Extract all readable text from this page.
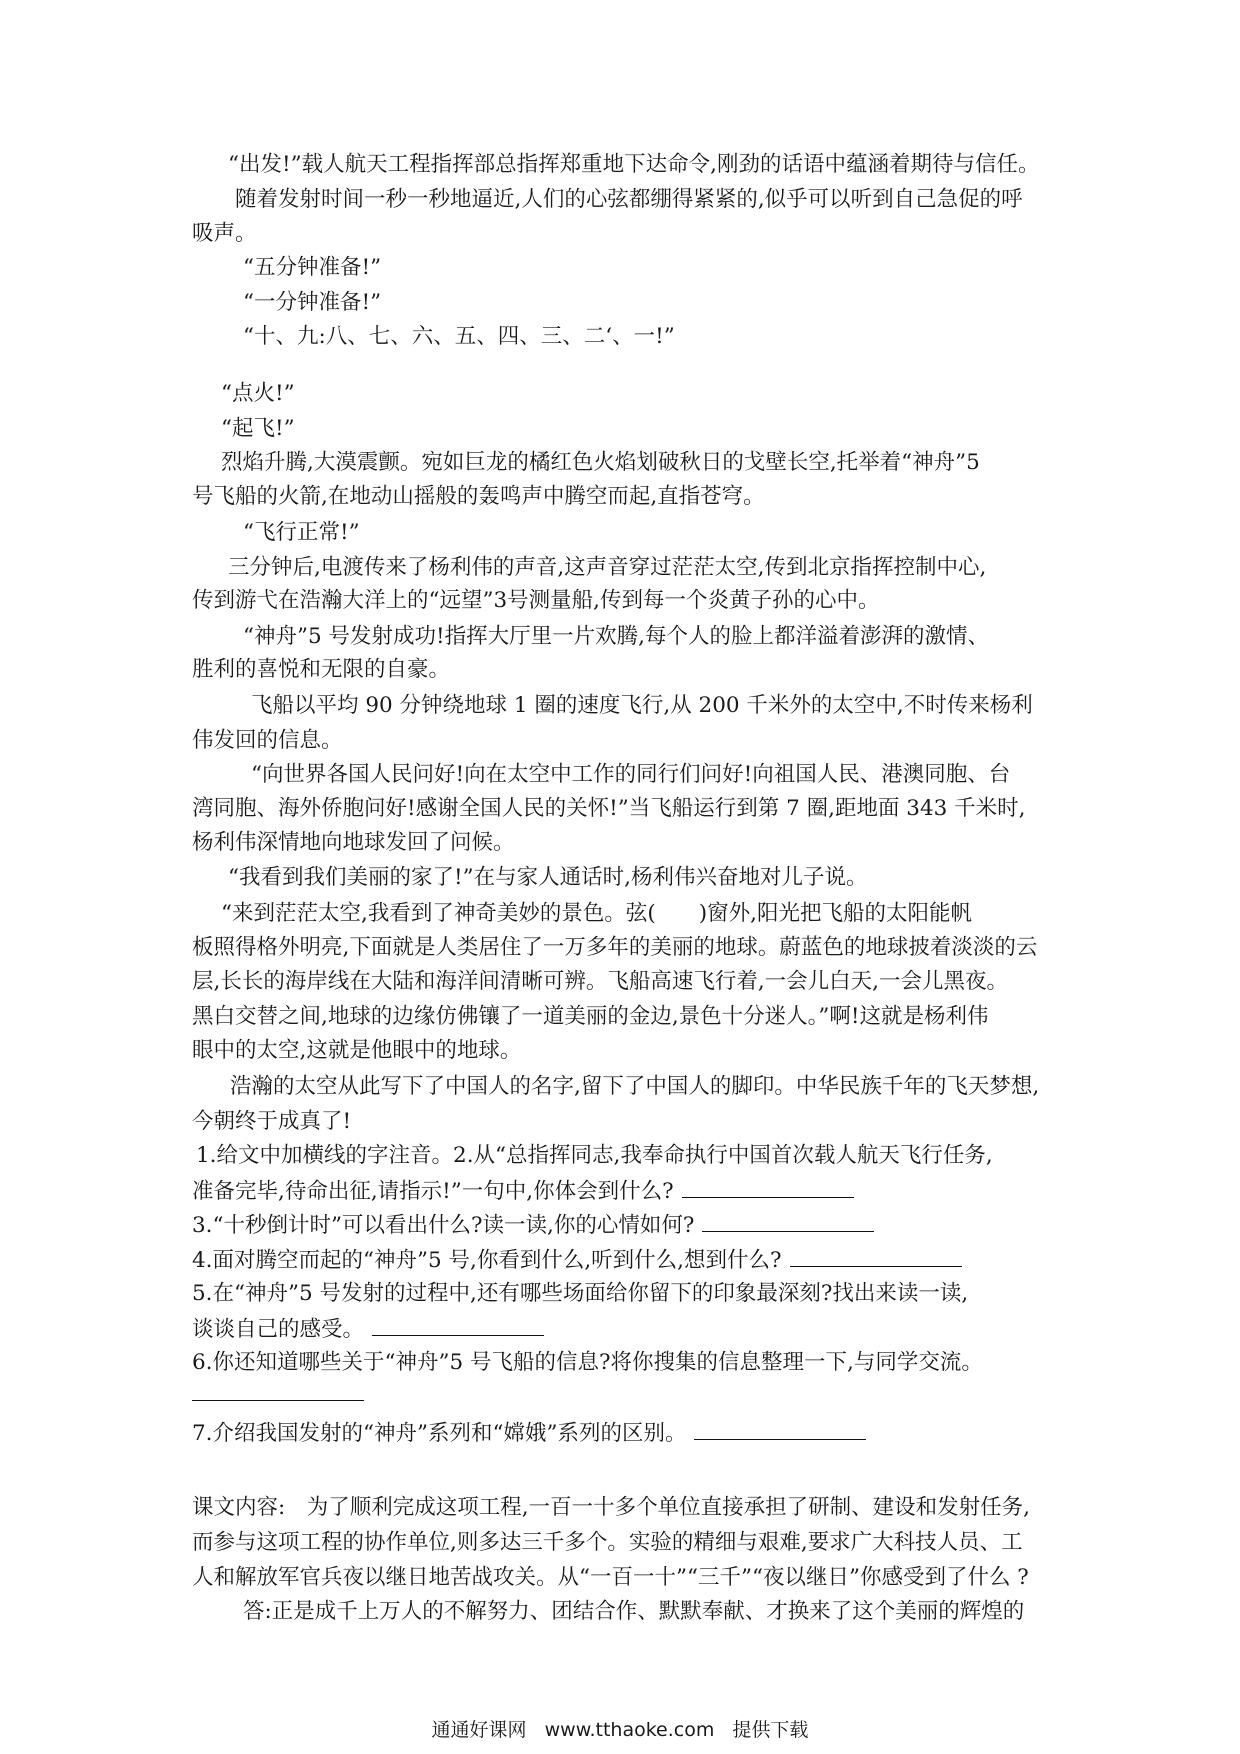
“出发!”载人航天工程指挥部总指挥郑重地下达命令,刚劲的话语中蕴涵着期待与信任。
随着发射时间一秒一秒地逼近,人们的心弦都绷得紧紧的,似乎可以听到自己急促的呼
吸声。
“五分钟准备!”
“一分钟准备!”
“十、九:八、七、六、五、四、三、二‘、一!”
“点火!”
“起飞!”
烈焰升腾,大漠震颤。宛如巨龙的橘红色火焰划破秋日的戈壁长空,托举着“神舟”5
号飞船的火箭,在地动山摇般的轰鸣声中腾空而起,直指苍穹。
“飞行正常!”
三分钟后,电渡传来了杨利伟的声音,这声音穿过茫茫太空,传到北京指挥控制中心,
传到游弋在浩瀚大洋上的“远望”3号测量船,传到每一个炎黄子孙的心中。
“神舟”5 号发射成功!指挥大厅里一片欢腾,每个人的脸上都洋溢着澎湃的激情、
胜利的喜悦和无限的自豪。
飞船以平均 90 分钟绕地球 1 圈的速度飞行,从 200 千米外的太空中,不时传来杨利
伟发回的信息。
“向世界各国人民问好!向在太空中工作的同行们问好!向祖国人民、港澳同胞、台
湾同胞、海外侨胞问好!感谢全国人民的关怀!”当飞船运行到第 7 圈,距地面 343 千米时,
杨利伟深情地向地球发回了问候。
“我看到我们美丽的家了!”在与家人通话时,杨利伟兴奋地对儿子说。
“来到茫茫太空,我看到了神奇美妙的景色。弦(　　)窗外,阳光把飞船的太阳能帆
板照得格外明亮,下面就是人类居住了一万多年的美丽的地球。蔚蓝色的地球披着淡淡的云
层,长长的海岸线在大陆和海洋间清晰可辨。飞船高速飞行着,一会儿白天,一会儿黑夜。
黑白交替之间,地球的边缘仿佛镶了一道美丽的金边,景色十分迷人。”啊!这就是杨利伟
眼中的太空,这就是他眼中的地球。
浩瀚的太空从此写下了中国人的名字,留下了中国人的脚印。中华民族千年的飞天梦想,
今朝终于成真了!
1.给文中加横线的字注音。2.从“总指挥同志,我奉命执行中国首次载人航天飞行任务,
准备完毕,待命出征,请指示!”一句中,你体会到什么?
3.“十秒倒计时”可以看出什么?读一读,你的心情如何?
4.面对腾空而起的“神舟”5 号,你看到什么,听到什么,想到什么?
5.在“神舟”5 号发射的过程中,还有哪些场面给你留下的印象最深刻?找出来读一读,
谈谈自己的感受。
6.你还知道哪些关于“神舟”5 号飞船的信息?将你搜集的信息整理一下,与同学交流。
7.介绍我国发射的“神舟”系列和“嫦娥”系列的区别。
课文内容:　为了顺利完成这项工程,一百一十多个单位直接承担了研制、建设和发射任务,
而参与这项工程的协作单位,则多达三千多个。实验的精细与艰难,要求广大科技人员、工
人和解放军官兵夜以继日地苦战攻关。从“一百一十”“三千”“夜以继日”你感受到了什么 ?
答:正是成千上万人的不解努力、团结合作、默默奉献、才换来了这个美丽的辉煌的
通通好课网 www.tthaoke.com 提供下载
